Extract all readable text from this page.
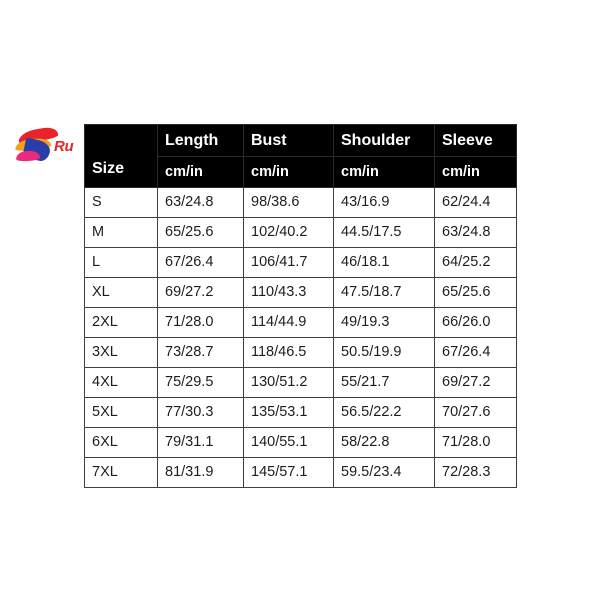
Ru
Size	Length	Bust	Shoulder	Sleeve
	cm/in	cm/in	cm/in	cm/in
S	63/24.8	98/38.6	43/16.9	62/24.4
M	65/25.6	102/40.2	44.5/17.5	63/24.8
L	67/26.4	106/41.7	46/18.1	64/25.2
XL	69/27.2	110/43.3	47.5/18.7	65/25.6
2XL	71/28.0	114/44.9	49/19.3	66/26.0
3XL	73/28.7	118/46.5	50.5/19.9	67/26.4
4XL	75/29.5	130/51.2	55/21.7	69/27.2
5XL	77/30.3	135/53.1	56.5/22.2	70/27.6
6XL	79/31.1	140/55.1	58/22.8	71/28.0
7XL	81/31.9	145/57.1	59.5/23.4	72/28.3
